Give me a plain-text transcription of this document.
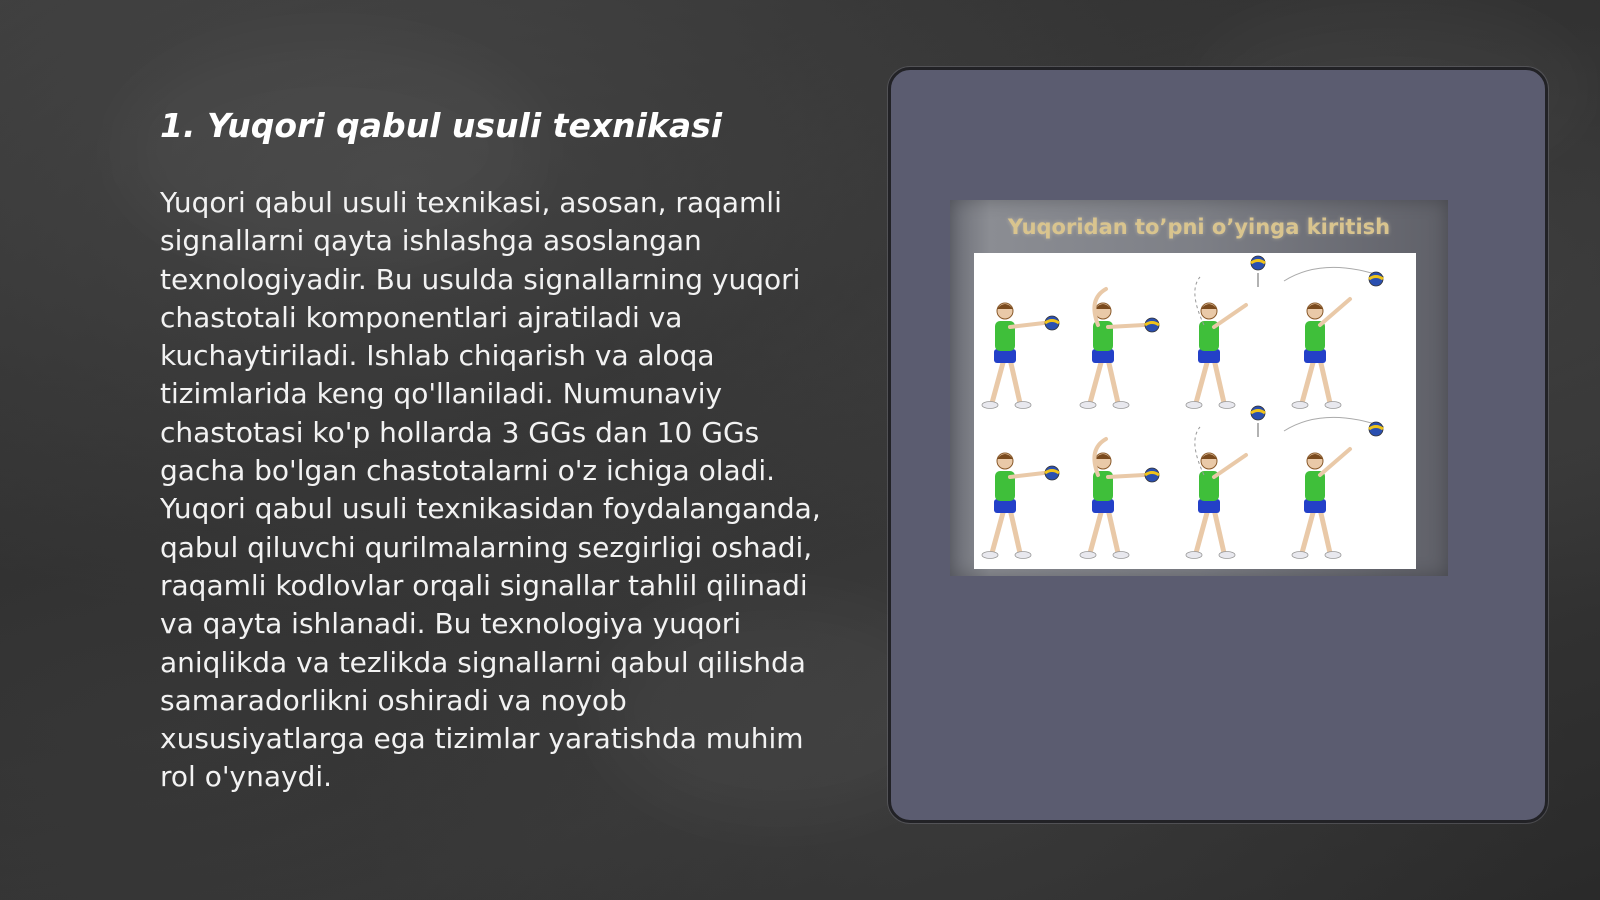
1. Yuqori qabul usuli texnikasi

Yuqori qabul usuli texnikasi, asosan, raqamli signallarni qayta ishlashga asoslangan texnologiyadir. Bu usulda signallarning yuqori chastotali komponentlari ajratiladi va kuchaytiriladi. Ishlab chiqarish va aloqa tizimlarida keng qo'llaniladi. Numunaviy chastotasi ko'p hollarda 3 GGs dan 10 GGs gacha bo'lgan chastotalarni o'z ichiga oladi. Yuqori qabul usuli texnikasidan foydalanganda, qabul qiluvchi qurilmalarning sezgirligi oshadi, raqamli kodlovlar orqali signallar tahlil qilinadi va qayta ishlanadi. Bu texnologiya yuqori aniqlikda va tezlikda signallarni qabul qilishda samaradorlikni oshiradi va noyob xususiyatlarga ega tizimlar yaratishda muhim rol o'ynaydi.

Yuqoridan to’pni o’yinga kiritish
